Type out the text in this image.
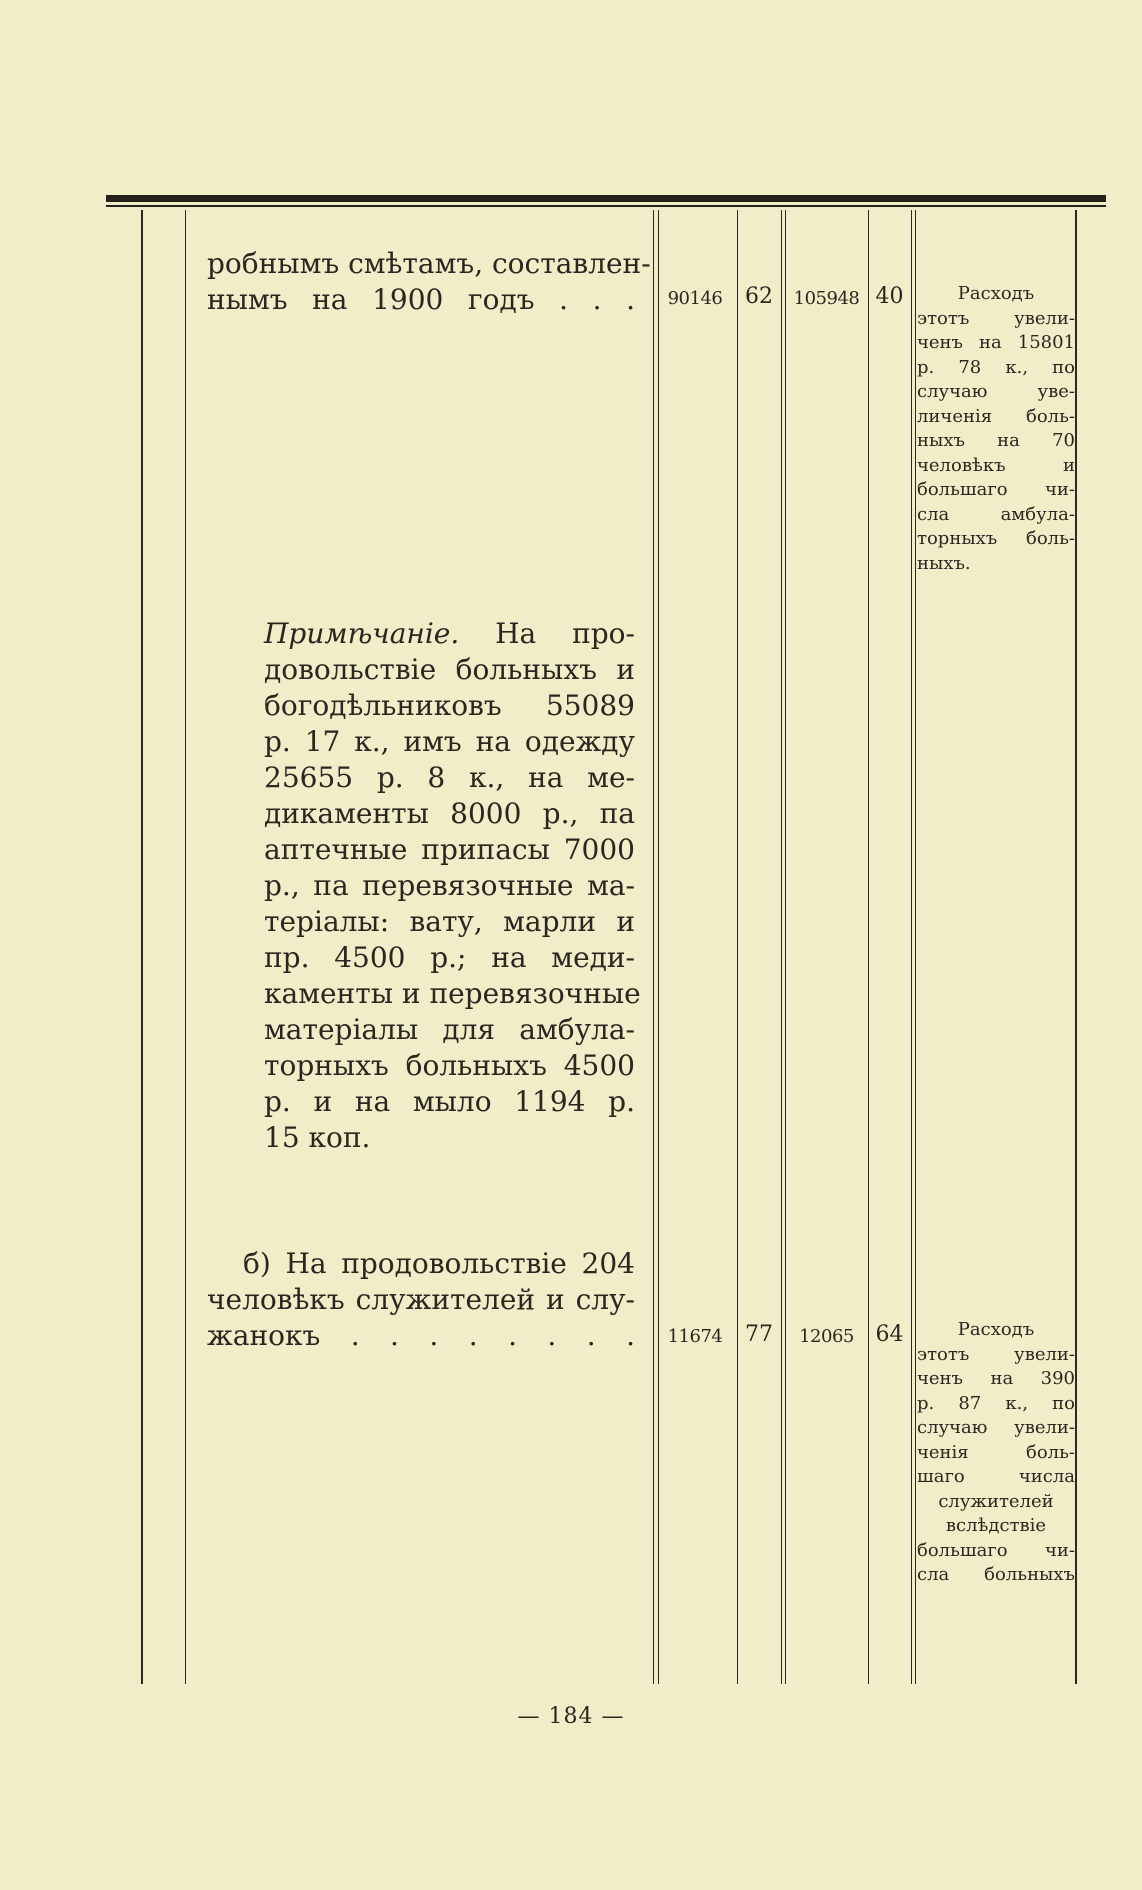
робнымъ смѣтамъ, составлен-
нымъ на 1900 годъ . . .	90146	62	105948 40	Расходъ
этотъ увели-
ченъ на 15801
р. 78 к., по
случаю уве-
личенія боль-
ныхъ на 70
человѣкъ и
большаго чи-
сла амбула-
торныхъ боль-
ныхъ.
Примѣчаніе. На про-
довольствіе больныхъ и
богодѣльниковъ 55089
р. 17 к., имъ на одежду
25655 р. 8 к., на ме-
дикаменты 8000 р., па
аптечные припасы 7000
р., па перевязочные ма-
теріалы: вату, марли и
пр. 4500 р.; на меди-
каменты и перевязочные
матеріалы для амбула-
торныхъ больныхъ 4500
р. и на мыло 1194 р.
15 коп.
б) На продовольствіе 204
человѣкъ служителей и слу-
жанокъ . . . . . . . .	11674	77	12065 64	Расходъ
этотъ увели-
ченъ на 390
р. 87 к., по
случаю увели-
ченія боль-
шаго числа
служителей
вслѣдствіе
большаго чи-
сла больныхъ
— 184 —
